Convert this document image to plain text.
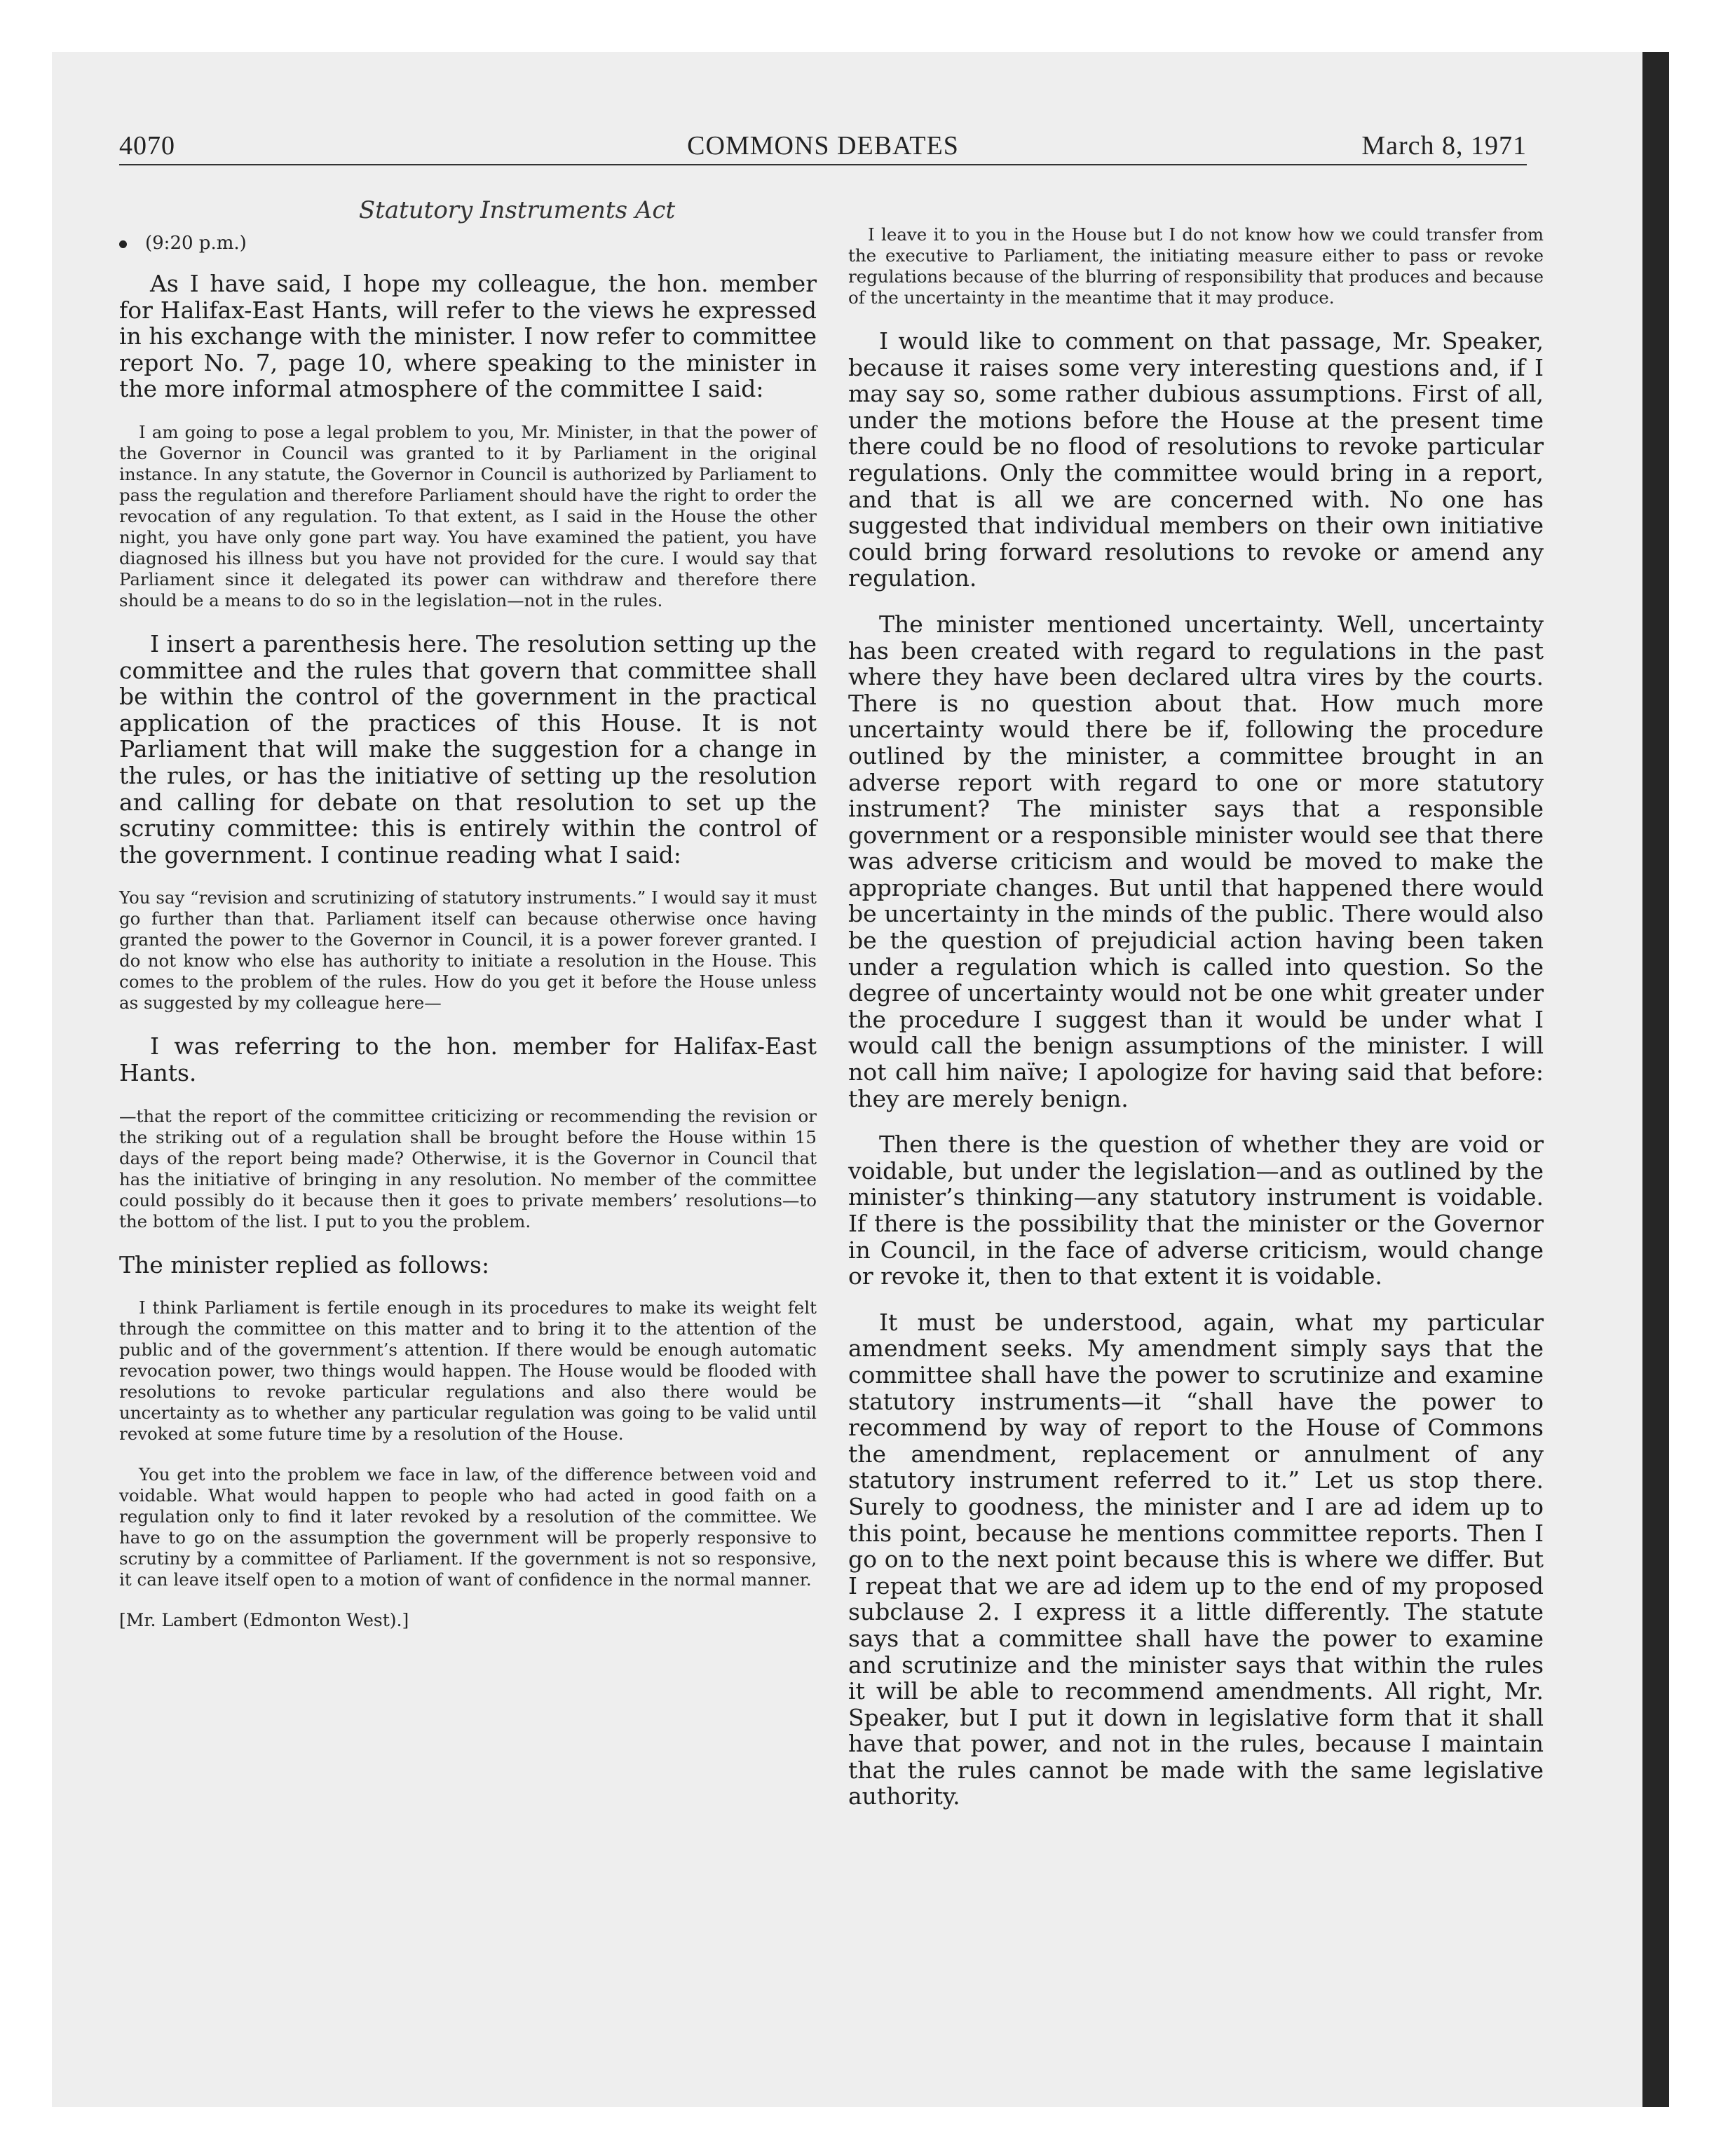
4070	COMMONS DEBATES	March 8, 1971
Statutory Instruments Act
(9:20 p.m.)

As I have said, I hope my colleague, the hon. member for Halifax-East Hants, will refer to the views he expressed in his exchange with the minister. I now refer to committee report No. 7, page 10, where speaking to the minister in the more informal atmosphere of the committee I said:

I am going to pose a legal problem to you, Mr. Minister, in that the power of the Governor in Council was granted to it by Parliament in the original instance. In any statute, the Governor in Council is authorized by Parliament to pass the regulation and therefore Parliament should have the right to order the revocation of any regulation. To that extent, as I said in the House the other night, you have only gone part way. You have examined the patient, you have diagnosed his illness but you have not provided for the cure. I would say that Parliament since it delegated its power can withdraw and therefore there should be a means to do so in the legislation—not in the rules.

I insert a parenthesis here. The resolution setting up the committee and the rules that govern that committee shall be within the control of the government in the practical application of the practices of this House. It is not Parliament that will make the suggestion for a change in the rules, or has the initiative of setting up the resolution and calling for debate on that resolution to set up the scrutiny committee: this is entirely within the control of the government. I continue reading what I said:

You say “revision and scrutinizing of statutory instruments.” I would say it must go further than that. Parliament itself can because otherwise once having granted the power to the Governor in Council, it is a power forever granted. I do not know who else has authority to initiate a resolution in the House. This comes to the problem of the rules. How do you get it before the House unless as suggested by my colleague here—

I was referring to the hon. member for Halifax-East Hants.

—that the report of the committee criticizing or recommending the revision or the striking out of a regulation shall be brought before the House within 15 days of the report being made? Otherwise, it is the Governor in Council that has the initiative of bringing in any resolution. No member of the committee could possibly do it because then it goes to private members’ resolutions—to the bottom of the list. I put to you the problem.

The minister replied as follows:

I think Parliament is fertile enough in its procedures to make its weight felt through the committee on this matter and to bring it to the attention of the public and of the government’s attention. If there would be enough automatic revocation power, two things would happen. The House would be flooded with resolutions to revoke particular regulations and also there would be uncertainty as to whether any particular regulation was going to be valid until revoked at some future time by a resolution of the House.

You get into the problem we face in law, of the difference between void and voidable. What would happen to people who had acted in good faith on a regulation only to find it later revoked by a resolution of the committee. We have to go on the assumption the government will be properly responsive to scrutiny by a committee of Parliament. If the government is not so responsive, it can leave itself open to a motion of want of confidence in the normal manner.

[Mr. Lambert (Edmonton West).]

I leave it to you in the House but I do not know how we could transfer from the executive to Parliament, the initiating measure either to pass or revoke regulations because of the blurring of responsibility that produces and because of the uncertainty in the meantime that it may produce.

I would like to comment on that passage, Mr. Speaker, because it raises some very interesting questions and, if I may say so, some rather dubious assumptions. First of all, under the motions before the House at the present time there could be no flood of resolutions to revoke particular regulations. Only the committee would bring in a report, and that is all we are concerned with. No one has suggested that individual members on their own initiative could bring forward resolutions to revoke or amend any regulation.

The minister mentioned uncertainty. Well, uncertainty has been created with regard to regulations in the past where they have been declared ultra vires by the courts. There is no question about that. How much more uncertainty would there be if, following the procedure outlined by the minister, a committee brought in an adverse report with regard to one or more statutory instrument? The minister says that a responsible government or a responsible minister would see that there was adverse criticism and would be moved to make the appropriate changes. But until that happened there would be uncertainty in the minds of the public. There would also be the question of prejudicial action having been taken under a regulation which is called into question. So the degree of uncertainty would not be one whit greater under the procedure I suggest than it would be under what I would call the benign assumptions of the minister. I will not call him naïve; I apologize for having said that before: they are merely benign.

Then there is the question of whether they are void or voidable, but under the legislation—and as outlined by the minister’s thinking—any statutory instrument is voidable. If there is the possibility that the minister or the Governor in Council, in the face of adverse criticism, would change or revoke it, then to that extent it is voidable.

It must be understood, again, what my particular amendment seeks. My amendment simply says that the committee shall have the power to scrutinize and examine statutory instruments—it “shall have the power to recommend by way of report to the House of Commons the amendment, replacement or annulment of any statutory instrument referred to it.” Let us stop there. Surely to goodness, the minister and I are ad idem up to this point, because he mentions committee reports. Then I go on to the next point because this is where we differ. But I repeat that we are ad idem up to the end of my proposed subclause 2. I express it a little differently. The statute says that a committee shall have the power to examine and scrutinize and the minister says that within the rules it will be able to recommend amendments. All right, Mr. Speaker, but I put it down in legislative form that it shall have that power, and not in the rules, because I maintain that the rules cannot be made with the same legislative authority.
